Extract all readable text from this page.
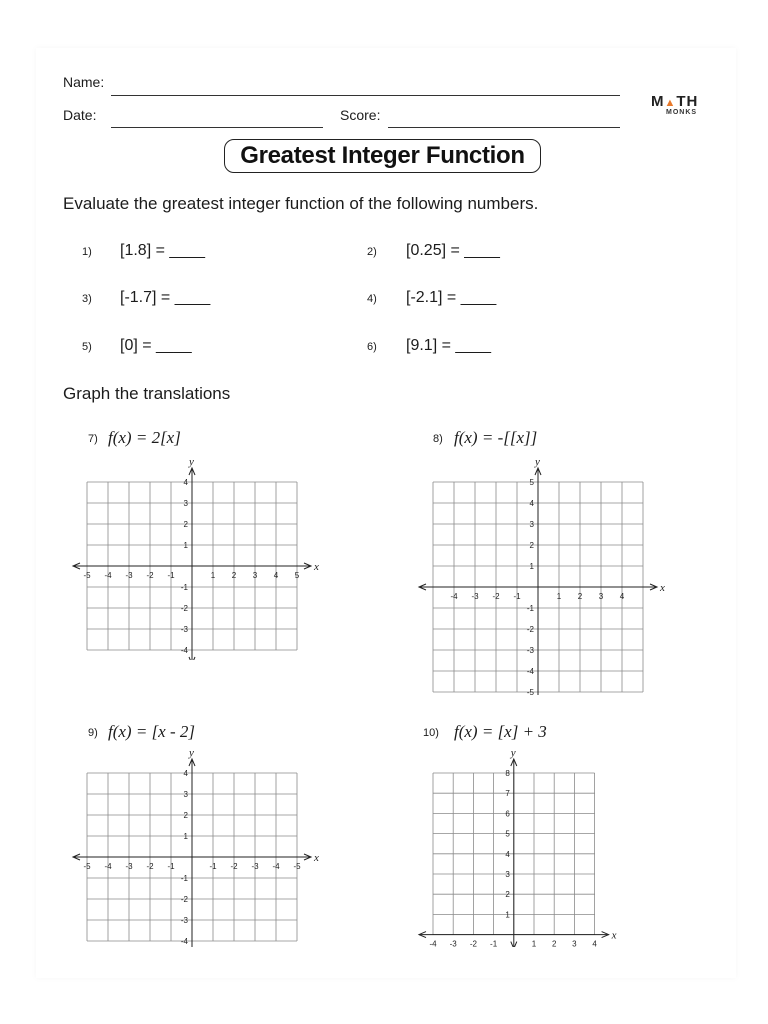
Name:
Date:	Score:
M▲TH
MONKS
Greatest Integer Function
Evaluate the greatest integer function of the following numbers.
1) [1.8] = ____	2) [0.25] = ____
3) [-1.7] = ____	4) [-2.1] = ____
5) [0] = ____	6) [9.1] = ____
Graph the translations
7) f(x) = 2[x]	8) f(x) = -[[x]]
9) f(x) = [x - 2]	10) f(x) = [x] + 3
x
y
-5 -4 -3 -2 -1	1 2 3 4 5
4
3
2
1
-1
-2
-3
-4
x
y
-4 -3 -2 -1	1 2 3 4
5
4
3
2
1
-1
-2
-3
-4
-5
x
y
-5 -4 -3 -2 -1	-1 -2 -3 -4 -5
4
3
2
1
-1
-2
-3
-4	x
y
-4 -3 -2 -1	1 2 3 4
8
7
6
5
4
3
2
1
